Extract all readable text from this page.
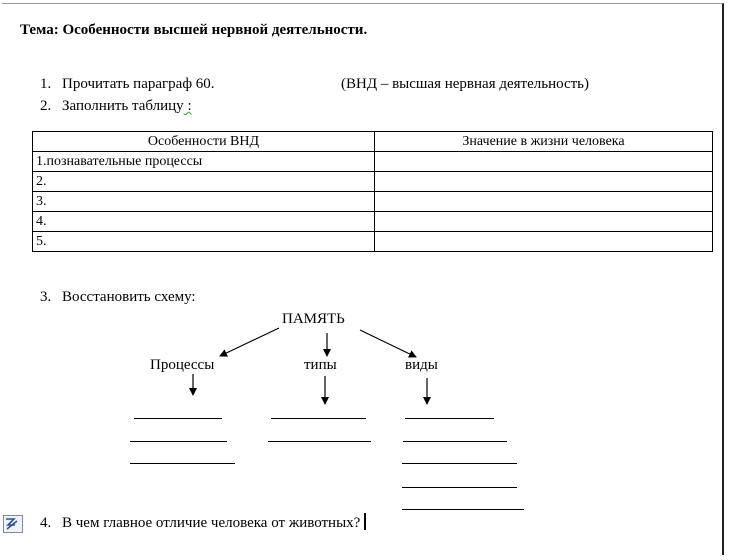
Тема: Особенности высшей нервной деятельности.
1. Прочитать параграф 60.	(ВНД – высшая нервная деятельность)
2. Заполнить таблицу :
Особенности ВНД	Значение в жизни человека
1.познавательные процессы	
2.	
3.	
4.	
5.	
3. Восстановить схему:
ПАМЯТЬ
Процессы	типы	виды
4. В чем главное отличие человека от животных?
